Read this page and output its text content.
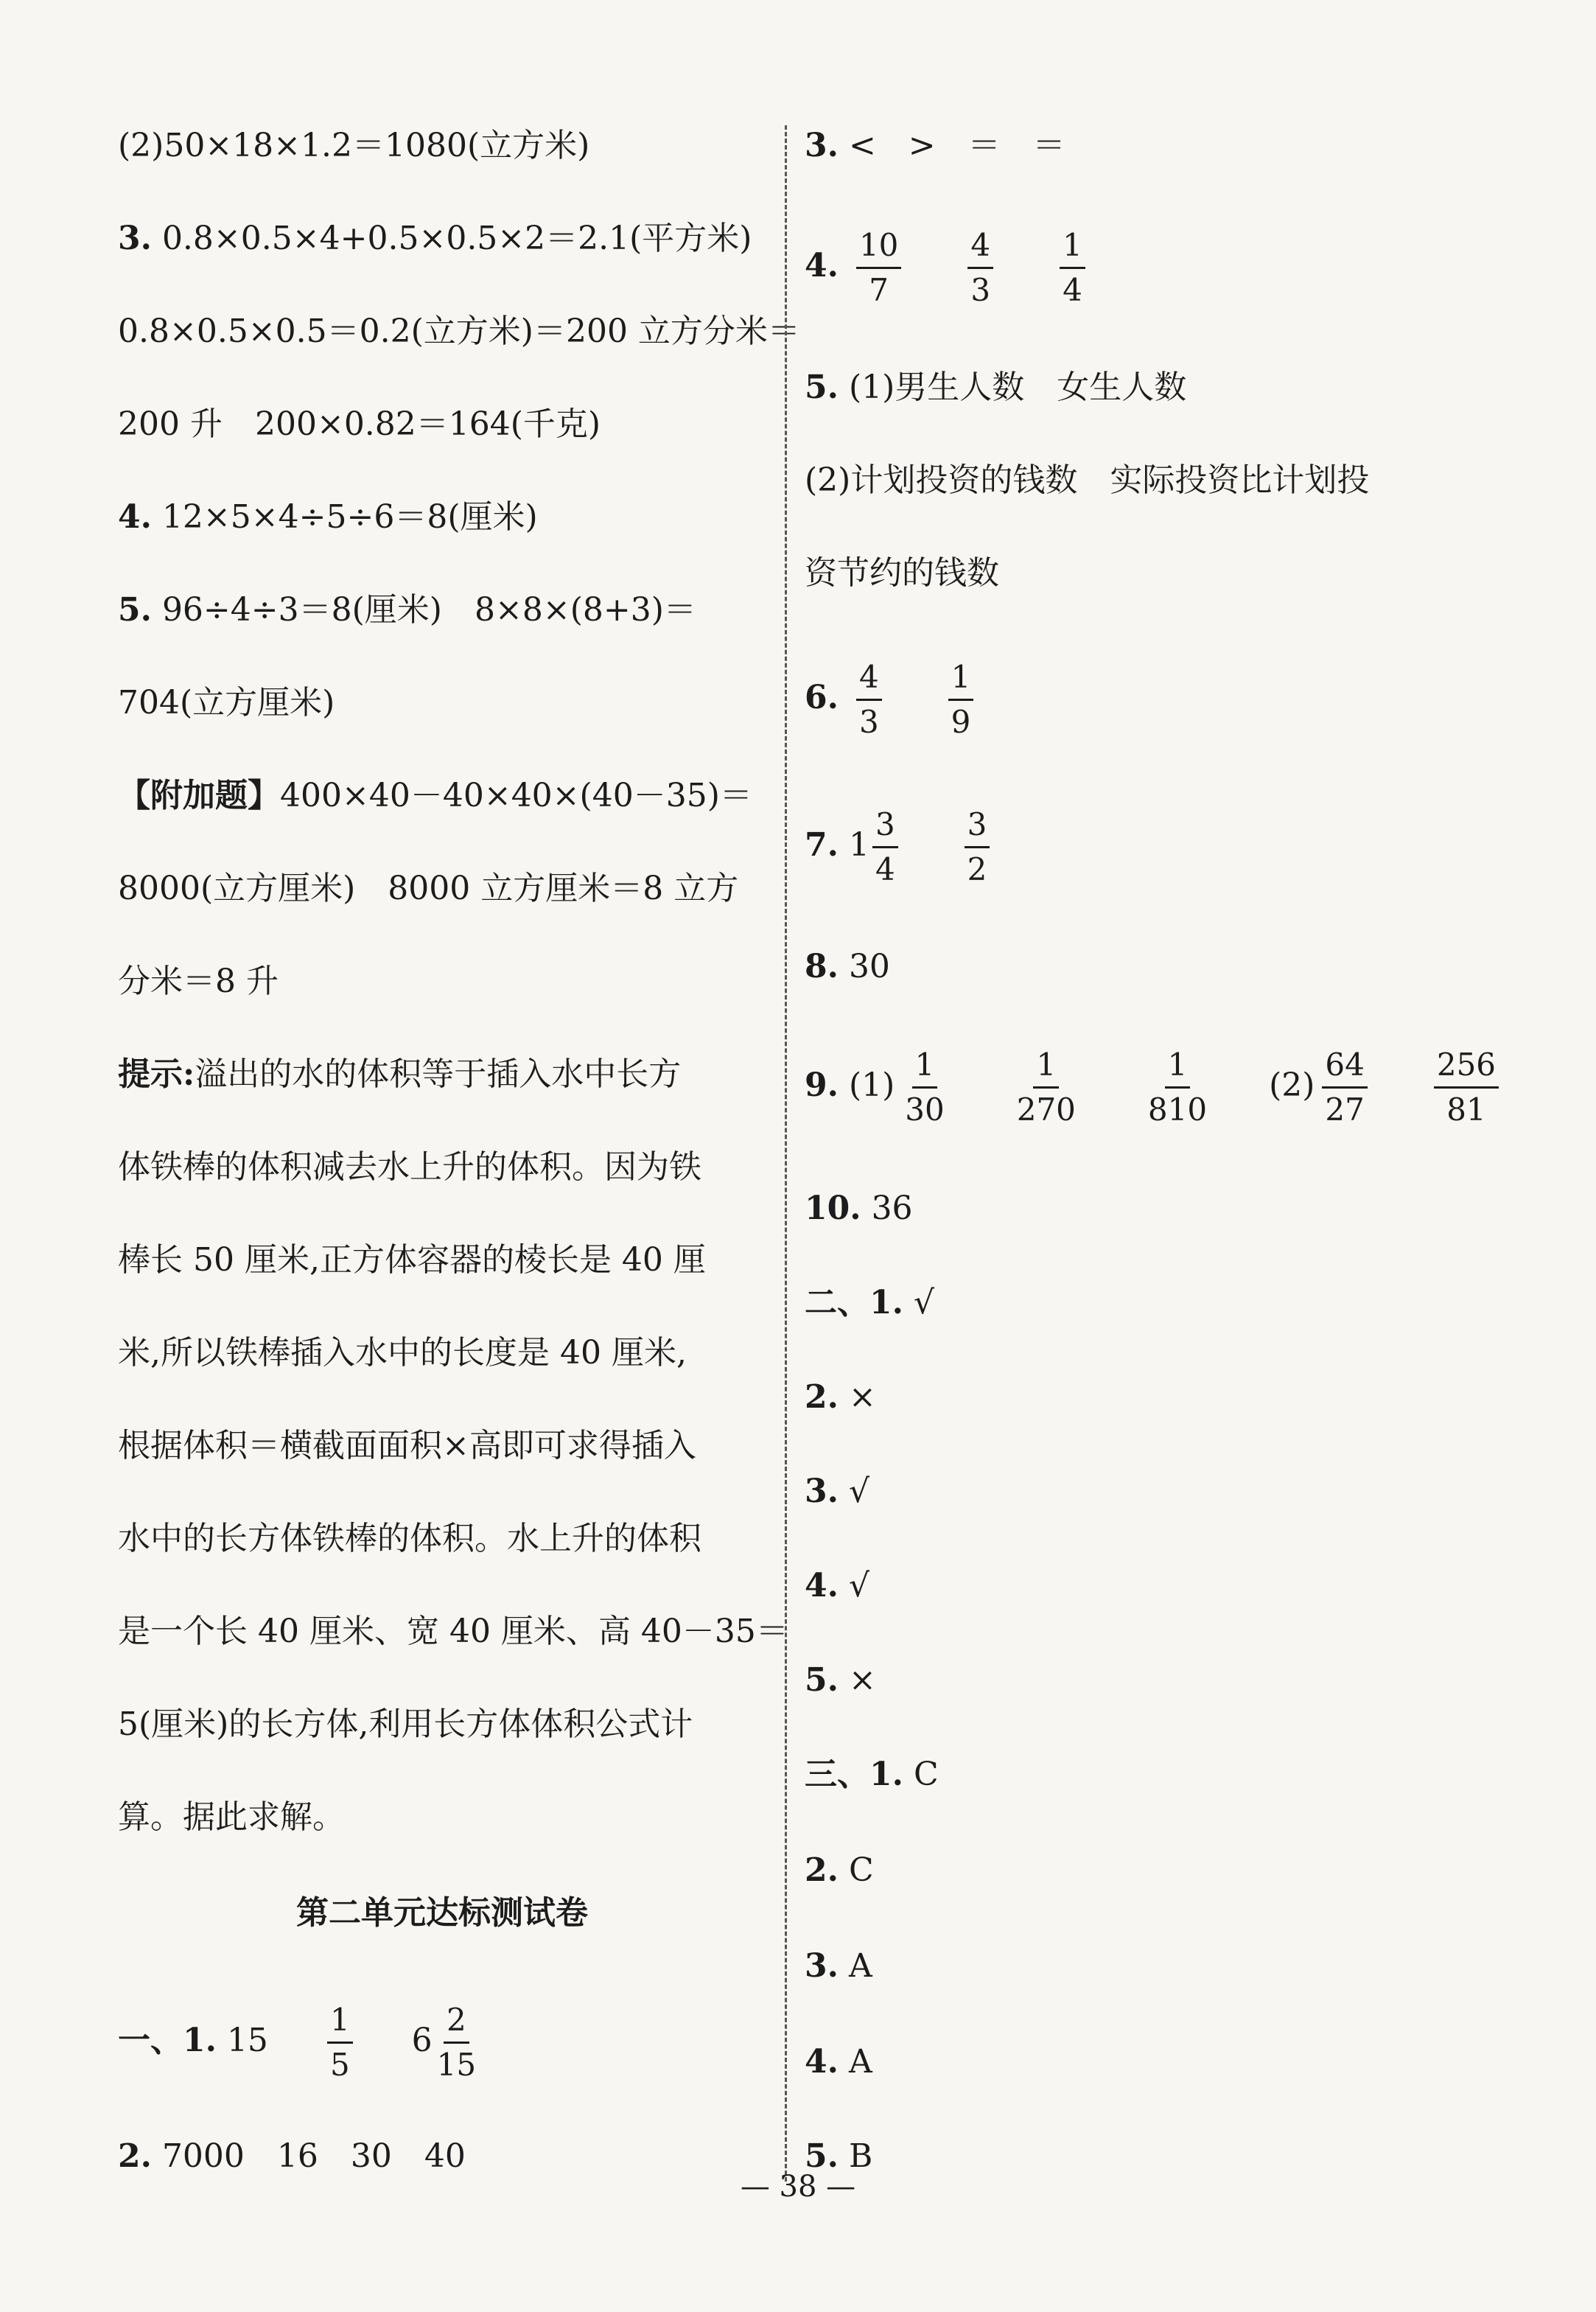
(2)50×18×1.2＝1080(立方米)
3. 0.8×0.5×4+0.5×0.5×2＝2.1(平方米)
0.8×0.5×0.5＝0.2(立方米)＝200 立方分米＝
200 升　200×0.82＝164(千克)
4. 12×5×4÷5÷6＝8(厘米)
5. 96÷4÷3＝8(厘米)　8×8×(8+3)＝
704(立方厘米)
【附加题】400×40－40×40×(40－35)＝
8000(立方厘米)　8000 立方厘米＝8 立方
分米＝8 升
提示:溢出的水的体积等于插入水中长方
体铁棒的体积减去水上升的体积。因为铁
棒长 50 厘米,正方体容器的棱长是 40 厘
米,所以铁棒插入水中的长度是 40 厘米,
根据体积＝横截面面积×高即可求得插入
水中的长方体铁棒的体积。水上升的体积
是一个长 40 厘米、宽 40 厘米、高 40－35＝
5(厘米)的长方体,利用长方体体积公式计
算。据此求解。
第二单元达标测试卷
一、1. $15 \frac{1}{5} 6 \frac{2}{15}$
2. 7000　16　30　40
3. <　>　＝　＝
4. $\frac{10}{7}$
$\frac{4}{3}$
$\frac{1}{4}$
5. (1)男生人数　女生人数
(2)计划投资的钱数　实际投资比计划投
资节约的钱数
6. $\frac{4}{3}$
$\frac{1}{9}$
7. $1 \frac{3}{4}$
$\frac{3}{2}$
8. 30
9. $(1) \frac{1}{30}$
$\frac{1}{270}$
$\frac{1}{810} (2) \frac{64}{27}$
$\frac{256}{81}$
10. 36
二、1. √
2. ×
3. √
4. √
5. ×
三、1. C
2. C
3. A
4. A
5. B
— 38 —
